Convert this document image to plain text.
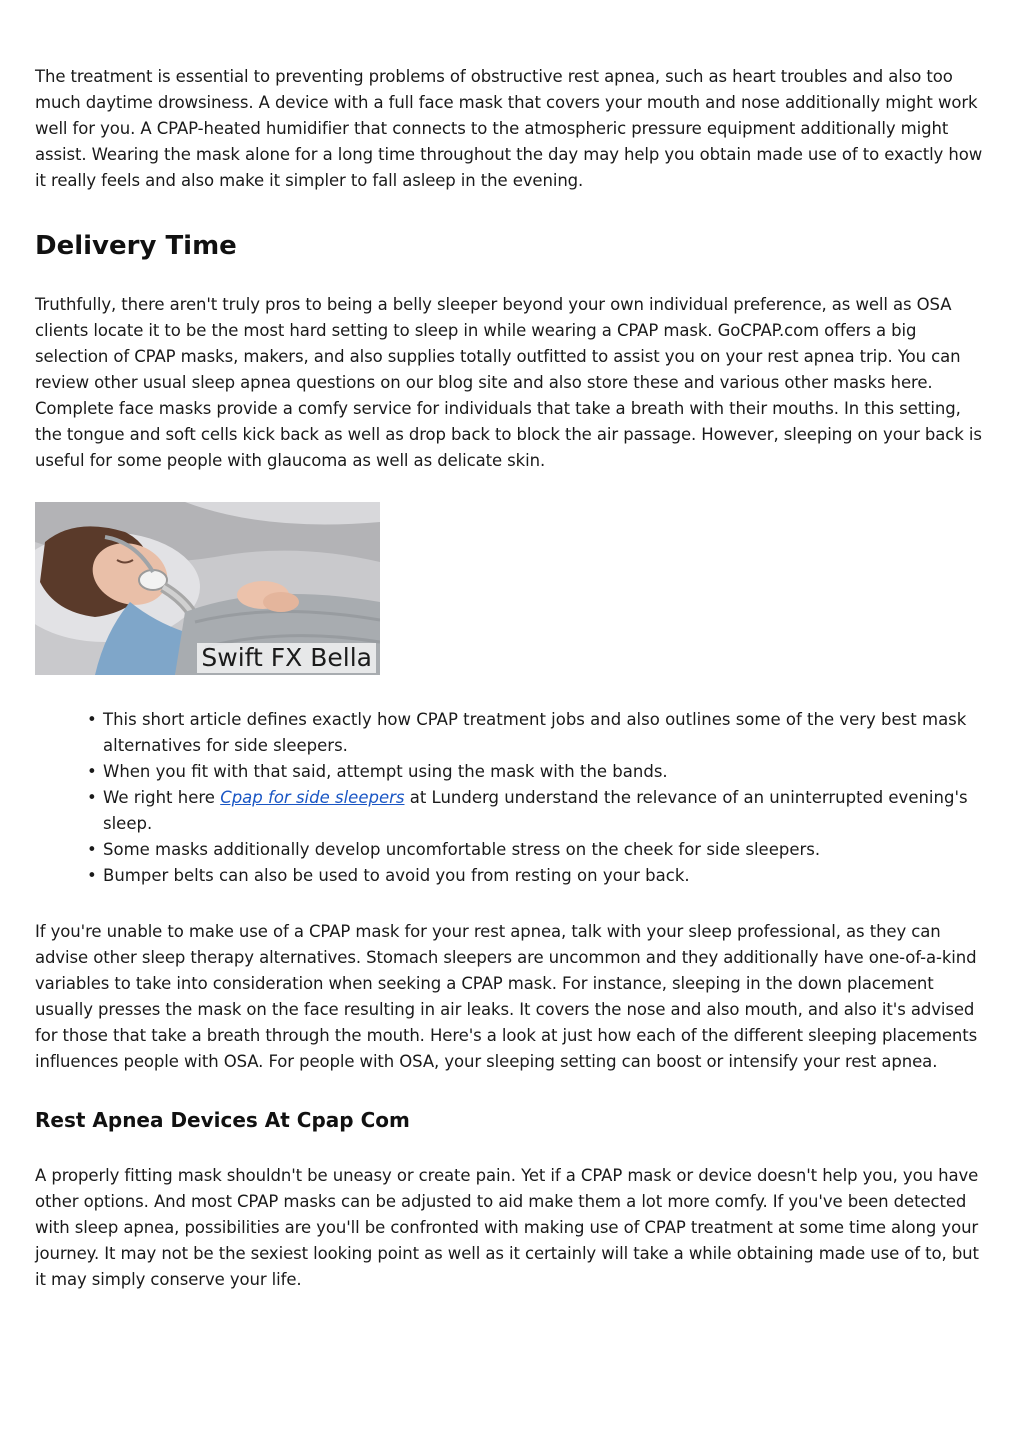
The treatment is essential to preventing problems of obstructive rest apnea, such as heart troubles and also too much daytime drowsiness. A device with a full face mask that covers your mouth and nose additionally might work well for you. A CPAP-heated humidifier that connects to the atmospheric pressure equipment additionally might assist. Wearing the mask alone for a long time throughout the day may help you obtain made use of to exactly how it really feels and also make it simpler to fall asleep in the evening.

Delivery Time

Truthfully, there aren't truly pros to being a belly sleeper beyond your own individual preference, as well as OSA clients locate it to be the most hard setting to sleep in while wearing a CPAP mask. GoCPAP.com offers a big selection of CPAP masks, makers, and also supplies totally outfitted to assist you on your rest apnea trip. You can review other usual sleep apnea questions on our blog site and also store these and various other masks here. Complete face masks provide a comfy service for individuals that take a breath with their mouths. In this setting, the tongue and soft cells kick back as well as drop back to block the air passage. However, sleeping on your back is useful for some people with glaucoma as well as delicate skin.

Swift FX Bella
• This short article defines exactly how CPAP treatment jobs and also outlines some of the very best mask alternatives for side sleepers.
• When you fit with that said, attempt using the mask with the bands.
• We right here Cpap for side sleepers at Lunderg understand the relevance of an uninterrupted evening's sleep.
• Some masks additionally develop uncomfortable stress on the cheek for side sleepers.
• Bumper belts can also be used to avoid you from resting on your back.

If you're unable to make use of a CPAP mask for your rest apnea, talk with your sleep professional, as they can advise other sleep therapy alternatives. Stomach sleepers are uncommon and they additionally have one-of-a-kind variables to take into consideration when seeking a CPAP mask. For instance, sleeping in the down placement usually presses the mask on the face resulting in air leaks. It covers the nose and also mouth, and also it's advised for those that take a breath through the mouth. Here's a look at just how each of the different sleeping placements influences people with OSA. For people with OSA, your sleeping setting can boost or intensify your rest apnea.

Rest Apnea Devices At Cpap Com

A properly fitting mask shouldn't be uneasy or create pain. Yet if a CPAP mask or device doesn't help you, you have other options. And most CPAP masks can be adjusted to aid make them a lot more comfy. If you've been detected with sleep apnea, possibilities are you'll be confronted with making use of CPAP treatment at some time along your journey. It may not be the sexiest looking point as well as it certainly will take a while obtaining made use of to, but it may simply conserve your life.
